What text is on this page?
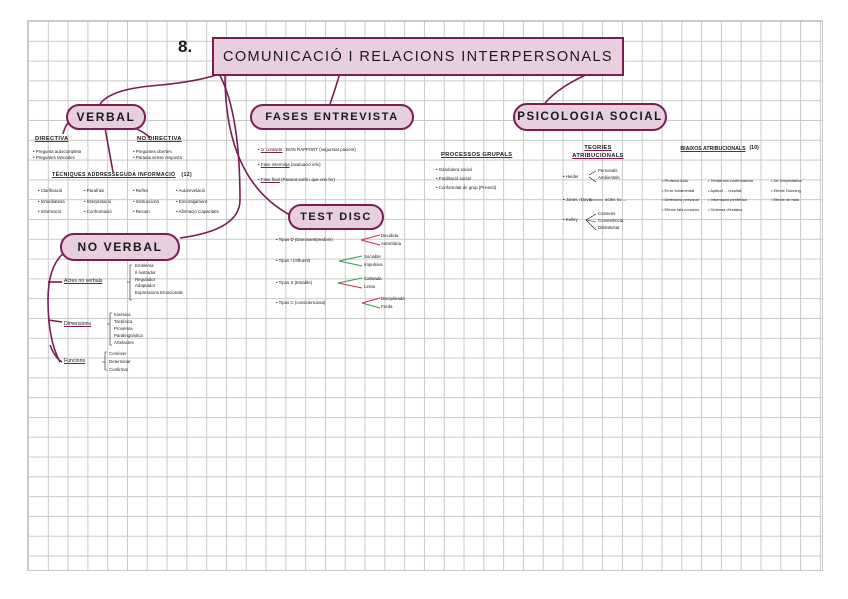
8.
COMUNICACIÓ I RELACIONS INTERPERSONALS
VERBAL
DIRECTIVA
• Pregunta autocompleta
• Preguntes tancades
NO DIRECTIVA
• Preguntes obertes
• Paraula sense resposta
TÈCNIQUES ADDRESSEGUDA INFORMACIÓ (12)
• Clarificació
• Inmediatesa
• Informació
• Parafrasi
• Interpretació
• Confrontació
• Reflex
• Instruccions
• Resum
• Autorevelació
• Encoratjament
• Afirmació Capacitats
NO VERBAL
Actes no verbals
Emblema
Il·lustrador
Regulador
Adaptador
Expressions Emocionals
Dimensions
Kinèsica
Tactèsica
Proxèmia
Paralingüística
Artefactes
Funcions
Conèixer
Determinar
Confirmar
FASES ENTREVISTA
• 1r contacte : BON RAPPORT (seguretat pacient)
• Fase intermitja (avaluació info)
• Fase final (Pacient sortir i que ens fer)
TEST DISC
• Tipus D (Dominant/predom)
Decidida
Autoritària
• Tipus I (Influent)
Sociable
Impulsiva
• Tipus S (Estable)
Calmada
Lenta
• Tipus C (conscienciosa)
Disciplinada
Freda
PSICOLOGIA SOCIAL
PROCESSOS GRUPALS
• Gandulera social
• Facilitació social
• Conformitat de grup (Pressió)
TEORIES ATRIBUCIONALS
• Heider
Personals
Ambientals
• Jones i Davis	actes no ...
• Kelley
Consens
Consistència
Distintivitat
BIAIXOS ATRIBUCIONALS (10)
• Profecia Auto
• Error fonamental
• Defensiva personal
• Efecte fals consens
• Tendència confirmatòria
• Aptitud ... resultat
• Informació perifèrica
• Defensa d'estatus
• De l'expectativa
• Efecte Dunning
• Efecte de halo
